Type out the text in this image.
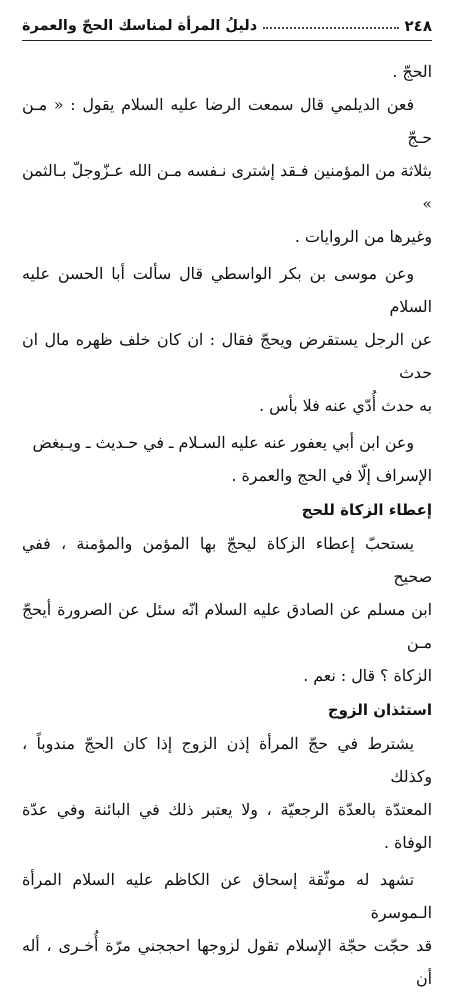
٢٤٨
دليلُ المرأة لمناسك الحجّ والعمرة

الحجّ .

فعن الديلمي قال سمعت الرضا عليه السلام يقول : « مـن حـجّ

بثلاثة من المؤمنين فـقد إشترى نـفسه مـن الله عـزّوجلّ بـالثمن »

وغيرها من الروايات .

وعن موسى بن بكر الواسطي قال سألت أبا الحسن عليه السلام

عن الرجل يستقرض ويحجّ فقال : ان كان خلف ظهره مال ان حدث

به حدث أُدّي عنه فلا بأس .

وعن ابن أبي يعفور عنه عليه السـلام ـ في حـديث ـ ويـبغض

الإسراف إلّا في الحج والعمرة .

إعطاء الزكاة للحج

يستحبّ إعطاء الزكاة ليحجّ بها المؤمن والمؤمنة ، ففي صحيح

ابن مسلم عن الصادق عليه السلام انّه سئل عن الصرورة أيحجّ مـن

الزكاة ؟ قال : نعم .

استئذان الزوج

يشترط في حجّ المرأة إذن الزوج إذا كان الحجّ مندوباً ، وكذلك

المعتدّة بالعدّة الرجعيّة ، ولا يعتبر ذلك في البائنة وفي عدّة الوفاة .

تشهد له موثّقة إسحاق عن الكاظم عليه السلام المرأة الـموسرة

قد حجّت حجّة الإسلام تقول لزوجها احججني مرّة أُخـرى ، أله أن
